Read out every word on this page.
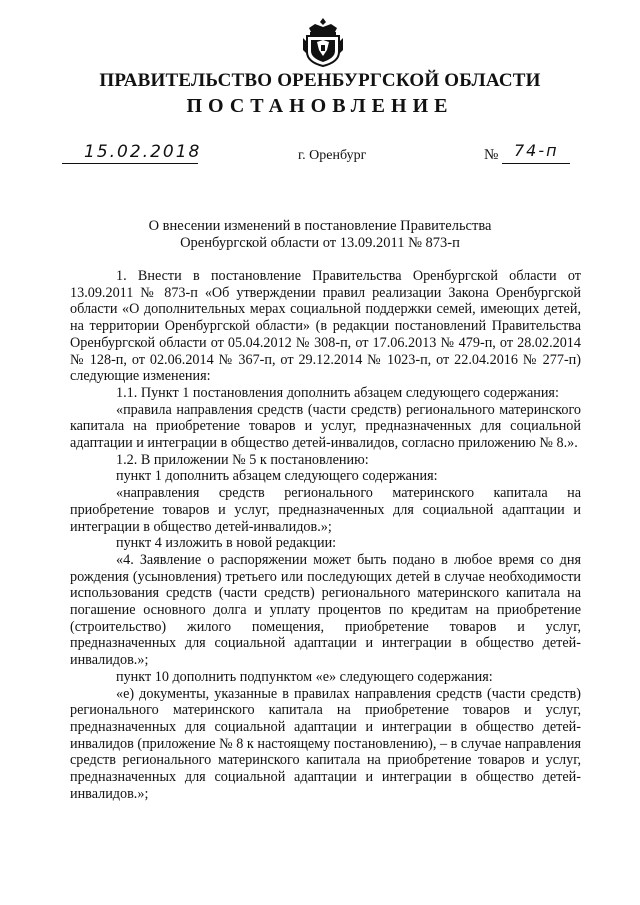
ПРАВИТЕЛЬСТВО ОРЕНБУРГСКОЙ ОБЛАСТИ
ПОСТАНОВЛЕНИЕ
15.02.2018	г. Оренбург	№ 74-п
О внесении изменений в постановление Правительства
Оренбургской области от 13.09.2011 № 873-п

1. Внести в постановление Правительства Оренбургской области от 13.09.2011 № 873-п «Об утверждении правил реализации Закона Оренбургской области «О дополнительных мерах социальной поддержки семей, имеющих детей, на территории Оренбургской области» (в редакции постановлений Правительства Оренбургской области от 05.04.2012 № 308-п, от 17.06.2013 № 479-п, от 28.02.2014 № 128-п, от 02.06.2014 № 367-п, от 29.12.2014 № 1023-п, от 22.04.2016 № 277-п) следующие изменения:

1.1. Пункт 1 постановления дополнить абзацем следующего содержания:

«правила направления средств (части средств) регионального материнского капитала на приобретение товаров и услуг, предназначенных для социальной адаптации и интеграции в общество детей-инвалидов, согласно приложению № 8.».

1.2. В приложении № 5 к постановлению:

пункт 1 дополнить абзацем следующего содержания:

«направления средств регионального материнского капитала на приобретение товаров и услуг, предназначенных для социальной адаптации и интеграции в общество детей-инвалидов.»;

пункт 4 изложить в новой редакции:

«4. Заявление о распоряжении может быть подано в любое время со дня рождения (усыновления) третьего или последующих детей в случае необходимости использования средств (части средств) регионального материнского капитала на погашение основного долга и уплату процентов по кредитам на приобретение (строительство) жилого помещения, приобретение товаров и услуг, предназначенных для социальной адаптации и интеграции в общество детей-инвалидов.»;

пункт 10 дополнить подпунктом «е» следующего содержания:

«е) документы, указанные в правилах направления средств (части средств) регионального материнского капитала на приобретение товаров и услуг, предназначенных для социальной адаптации и интеграции в общество детей-инвалидов (приложение № 8 к настоящему постановлению), – в случае направления средств регионального материнского капитала на приобретение товаров и услуг, предназначенных для социальной адаптации и интеграции в общество детей-инвалидов.»;
